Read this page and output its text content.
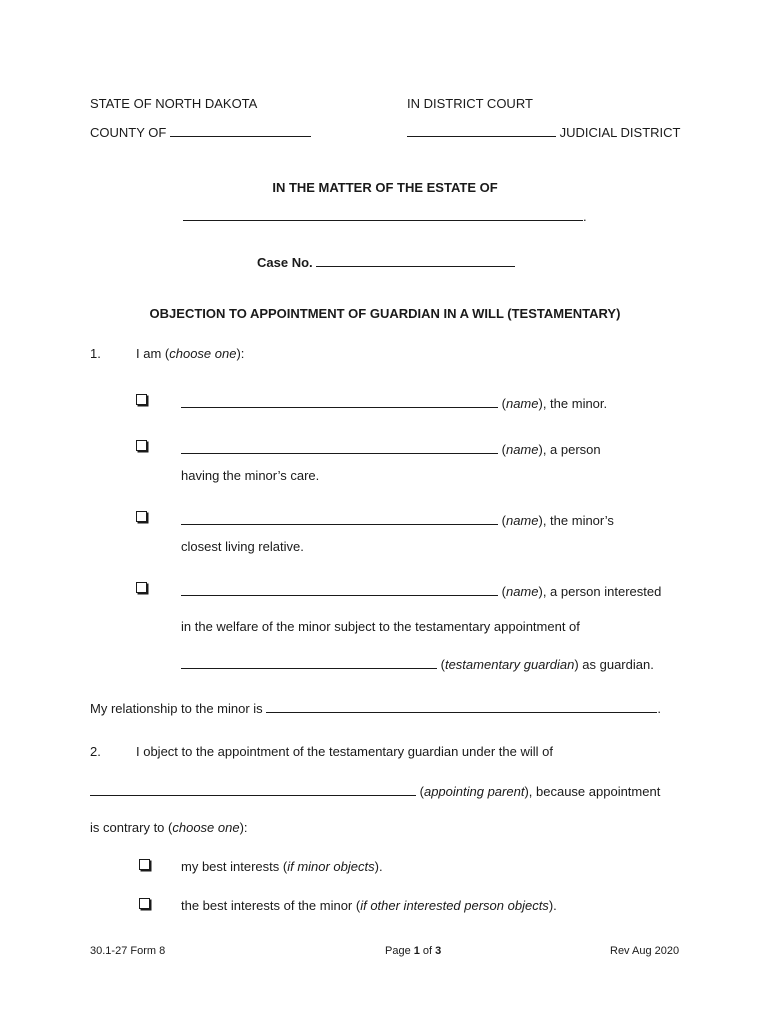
STATE OF NORTH DAKOTA	IN DISTRICT COURT
COUNTY OF	JUDICIAL DISTRICT
IN THE MATTER OF THE ESTATE OF
.
Case No.
OBJECTION TO APPOINTMENT OF GUARDIAN IN A WILL (TESTAMENTARY)
1.	I am (choose one):
(name), the minor.
(name), a person
having the minor’s care.
(name), the minor’s
closest living relative.
(name), a person interested
in the welfare of the minor subject to the testamentary appointment of
(testamentary guardian) as guardian.
My relationship to the minor is	.
2.	I object to the appointment of the testamentary guardian under the will of
(appointing parent), because appointment
is contrary to (choose one):
my best interests (if minor objects).
the best interests of the minor (if other interested person objects).
30.1-27 Form 8	Page 1 of 3	Rev Aug 2020
